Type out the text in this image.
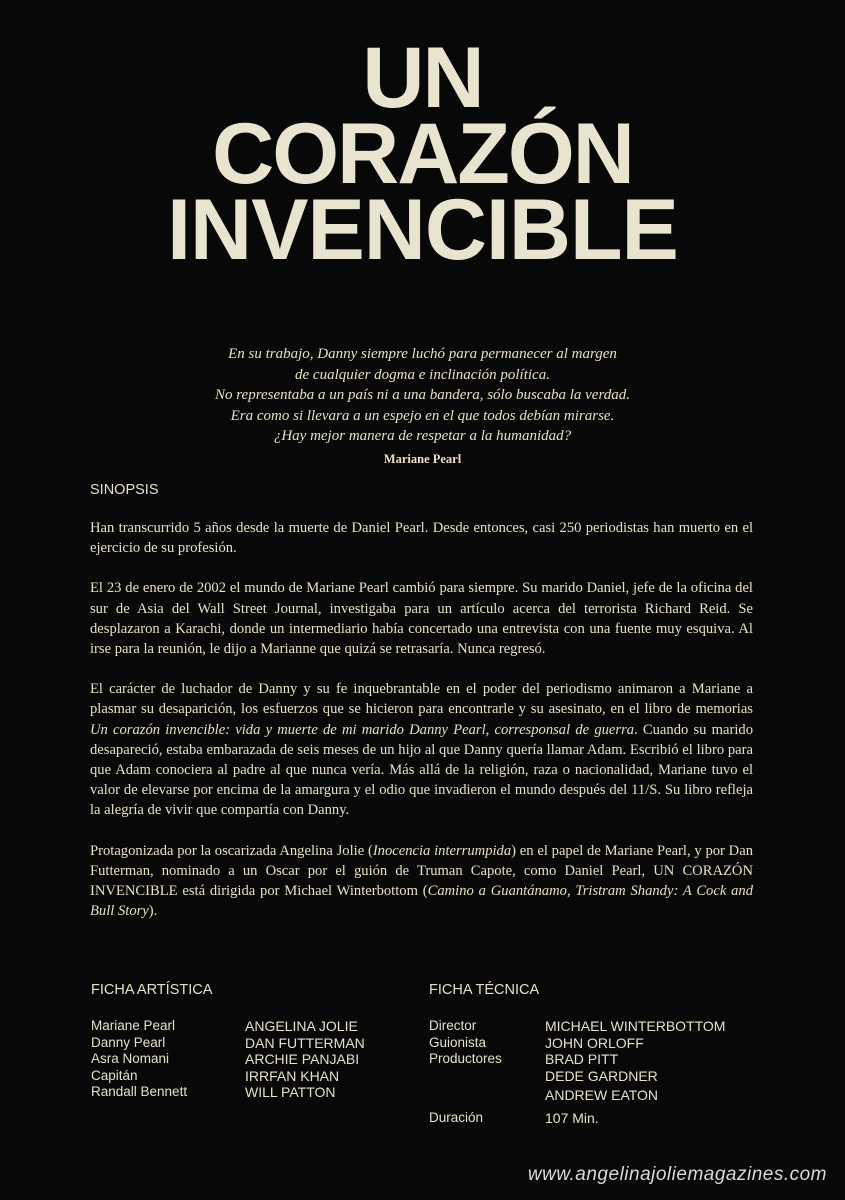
UN
CORAZÓN
INVENCIBLE

En su trabajo, Danny siempre luchó para permanecer al margen

de cualquier dogma e inclinación política.

No representaba a un país ni a una bandera, sólo buscaba la verdad.

Era como si llevara a un espejo en el que todos debían mirarse.

¿Hay mejor manera de respetar a la humanidad?

Mariane Pearl

SINOPSIS

Han transcurrido 5 años desde la muerte de Daniel Pearl. Desde entonces, casi 250 periodistas han muerto en el ejercicio de su profesión.

El 23 de enero de 2002 el mundo de Mariane Pearl cambió para siempre. Su marido Daniel, jefe de la oficina del sur de Asia del Wall Street Journal, investigaba para un artículo acerca del terrorista Richard Reid. Se desplazaron a Karachi, donde un intermediario había concertado una entrevista con una fuente muy esquiva. Al irse para la reunión, le dijo a Marianne que quizá se retrasaría. Nunca regresó.

El carácter de luchador de Danny y su fe inquebrantable en el poder del periodismo animaron a Mariane a plasmar su desaparición, los esfuerzos que se hicieron para encontrarle y su asesinato, en el libro de memorias Un corazón invencible: vida y muerte de mi marido Danny Pearl, corresponsal de guerra. Cuando su marido desapareció, estaba embarazada de seis meses de un hijo al que Danny quería llamar Adam. Escribió el libro para que Adam conociera al padre al que nunca vería. Más allá de la religión, raza o nacionalidad, Mariane tuvo el valor de elevarse por encima de la amargura y el odio que invadieron el mundo después del 11/S. Su libro refleja la alegría de vivir que compartía con Danny.

Protagonizada por la oscarizada Angelina Jolie (Inocencia interrumpida) en el papel de Mariane Pearl, y por Dan Futterman, nominado a un Oscar por el guión de Truman Capote, como Daniel Pearl, UN CORAZÓN INVENCIBLE está dirigida por Michael Winterbottom (Camino a Guantánamo, Tristram Shandy: A Cock and Bull Story).

FICHA ARTÍSTICA
Mariane Pearl	ANGELINA JOLIE
Danny Pearl	DAN FUTTERMAN
Asra Nomani	ARCHIE PANJABI
Capitán	IRRFAN KHAN
Randall Bennett	WILL PATTON
FICHA TÉCNICA
Director	MICHAEL WINTERBOTTOM
Guionista	JOHN ORLOFF
Productores	BRAD PITT
	DEDE GARDNER
	ANDREW EATON
Duración	107 Min.
www.angelinajoliemagazines.com
